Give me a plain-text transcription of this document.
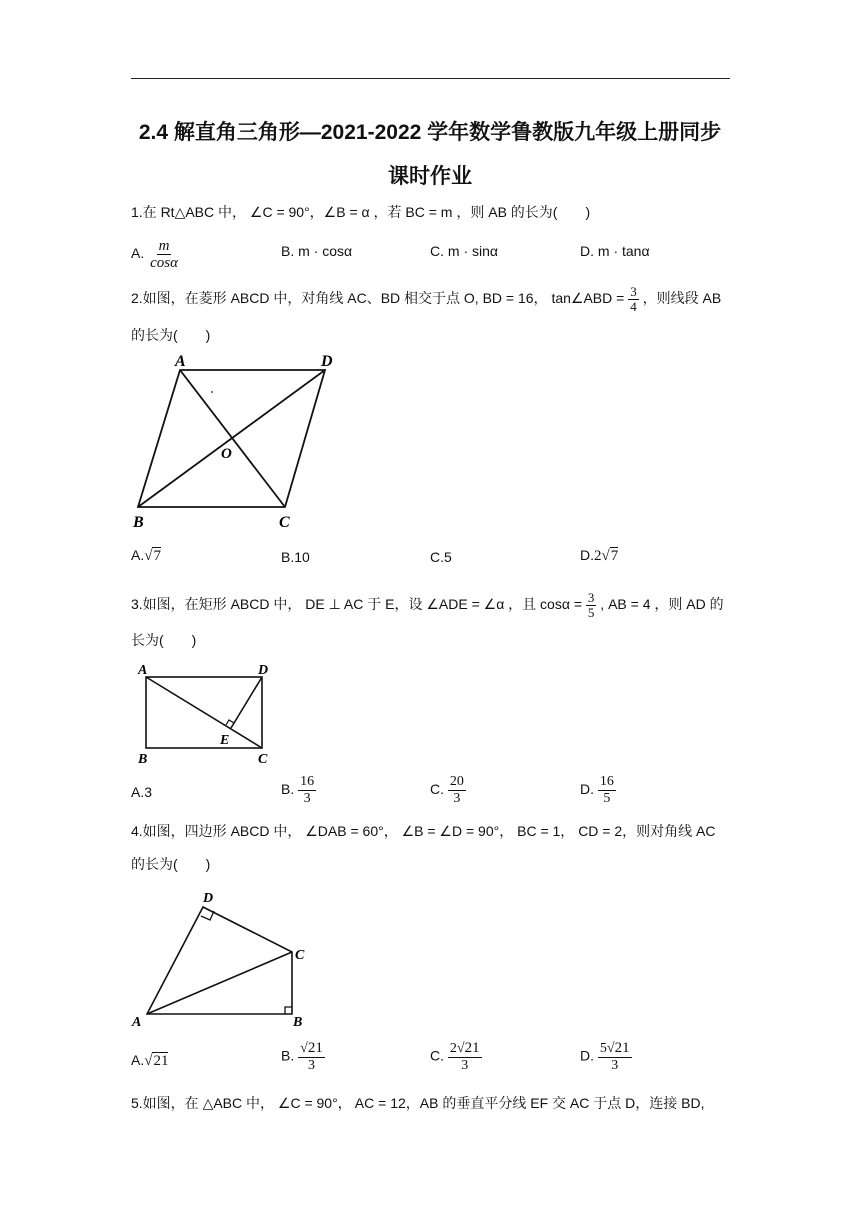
2.4 解直角三角形—2021-2022 学年数学鲁教版九年级上册同步
课时作业
1.在 Rt△ABC 中， ∠C = 90°，∠B = α ，若 BC = m ，则 AB 的长为(　　)
A. $\frac{m}{\cos\alpha}$	B. m · cosα	C. m · sinα	D. m · tanα
2.如图，在菱形 ABCD 中，对角线 AC、BD 相交于点 O, BD = 16， tan∠ABD = $\frac{3}{4}$ ，则线段 AB
的长为(　　)
A	D
O
B	C
A.√7	B.10	C.5	D.2√7
3.如图，在矩形 ABCD 中， DE ⊥ AC 于 E，设 ∠ADE = ∠α ，且 $\cos\alpha = \frac{3}{5}$ , AB = 4 ，则 AD 的
长为(　　)
A	D
E
B	C
A.3	B. $\frac{16}{3}$	C. $\frac{20}{3}$	D. $\frac{16}{5}$
4.如图，四边形 ABCD 中， ∠DAB = 60°， ∠B = ∠D = 90°， BC = 1， CD = 2，则对角线 AC
的长为(　　)
D
C
A	B
A.√21	B. $\frac{√21}{3}$	C. $\frac{2√21}{3}$	D. $\frac{5√21}{3}$
5.如图，在 △ABC 中， ∠C = 90°， AC = 12，AB 的垂直平分线 EF 交 AC 于点 D，连接 BD,
